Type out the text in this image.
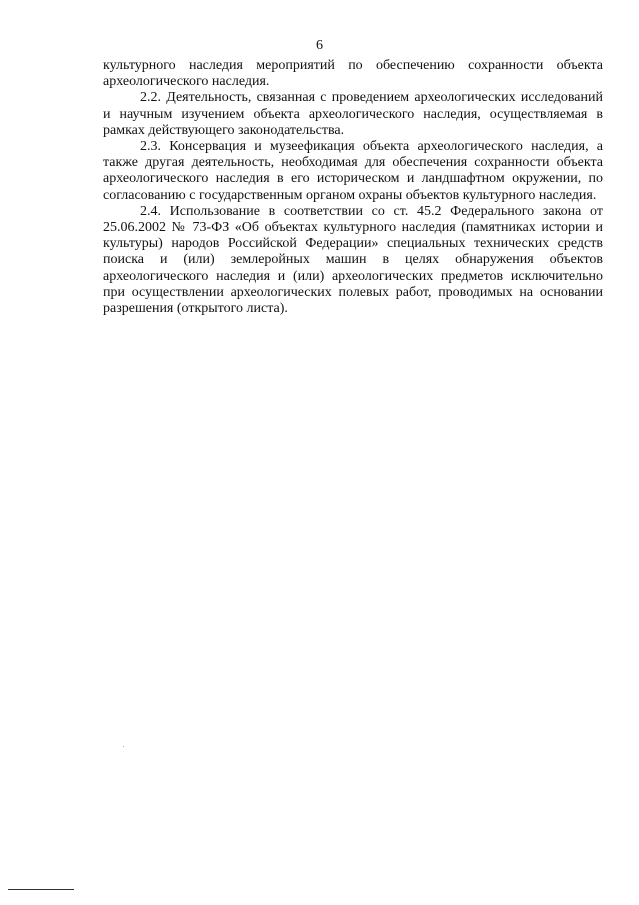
6

культурного наследия мероприятий по обеспечению сохранности объекта археологического наследия.

2.2. Деятельность, связанная с проведением археологических исследований и научным изучением объекта археологического наследия, осуществляемая в рамках действующего законодательства.

2.3. Консервация и музеефикация объекта археологического наследия, а также другая деятельность, необходимая для обеспечения сохранности объекта археологического наследия в его историческом и ландшафтном окружении, по согласованию с государственным органом охраны объектов культурного наследия.

2.4. Использование в соответствии со ст. 45.2 Федерального закона от 25.06.2002 № 73-ФЗ «Об объектах культурного наследия (памятниках истории и культуры) народов Российской Федерации» специальных технических средств поиска и (или) землеройных машин в целях обнаружения объектов археологического наследия и (или) археологических предметов исключительно при осуществлении археологических полевых работ, проводимых на основании разрешения (открытого листа).
